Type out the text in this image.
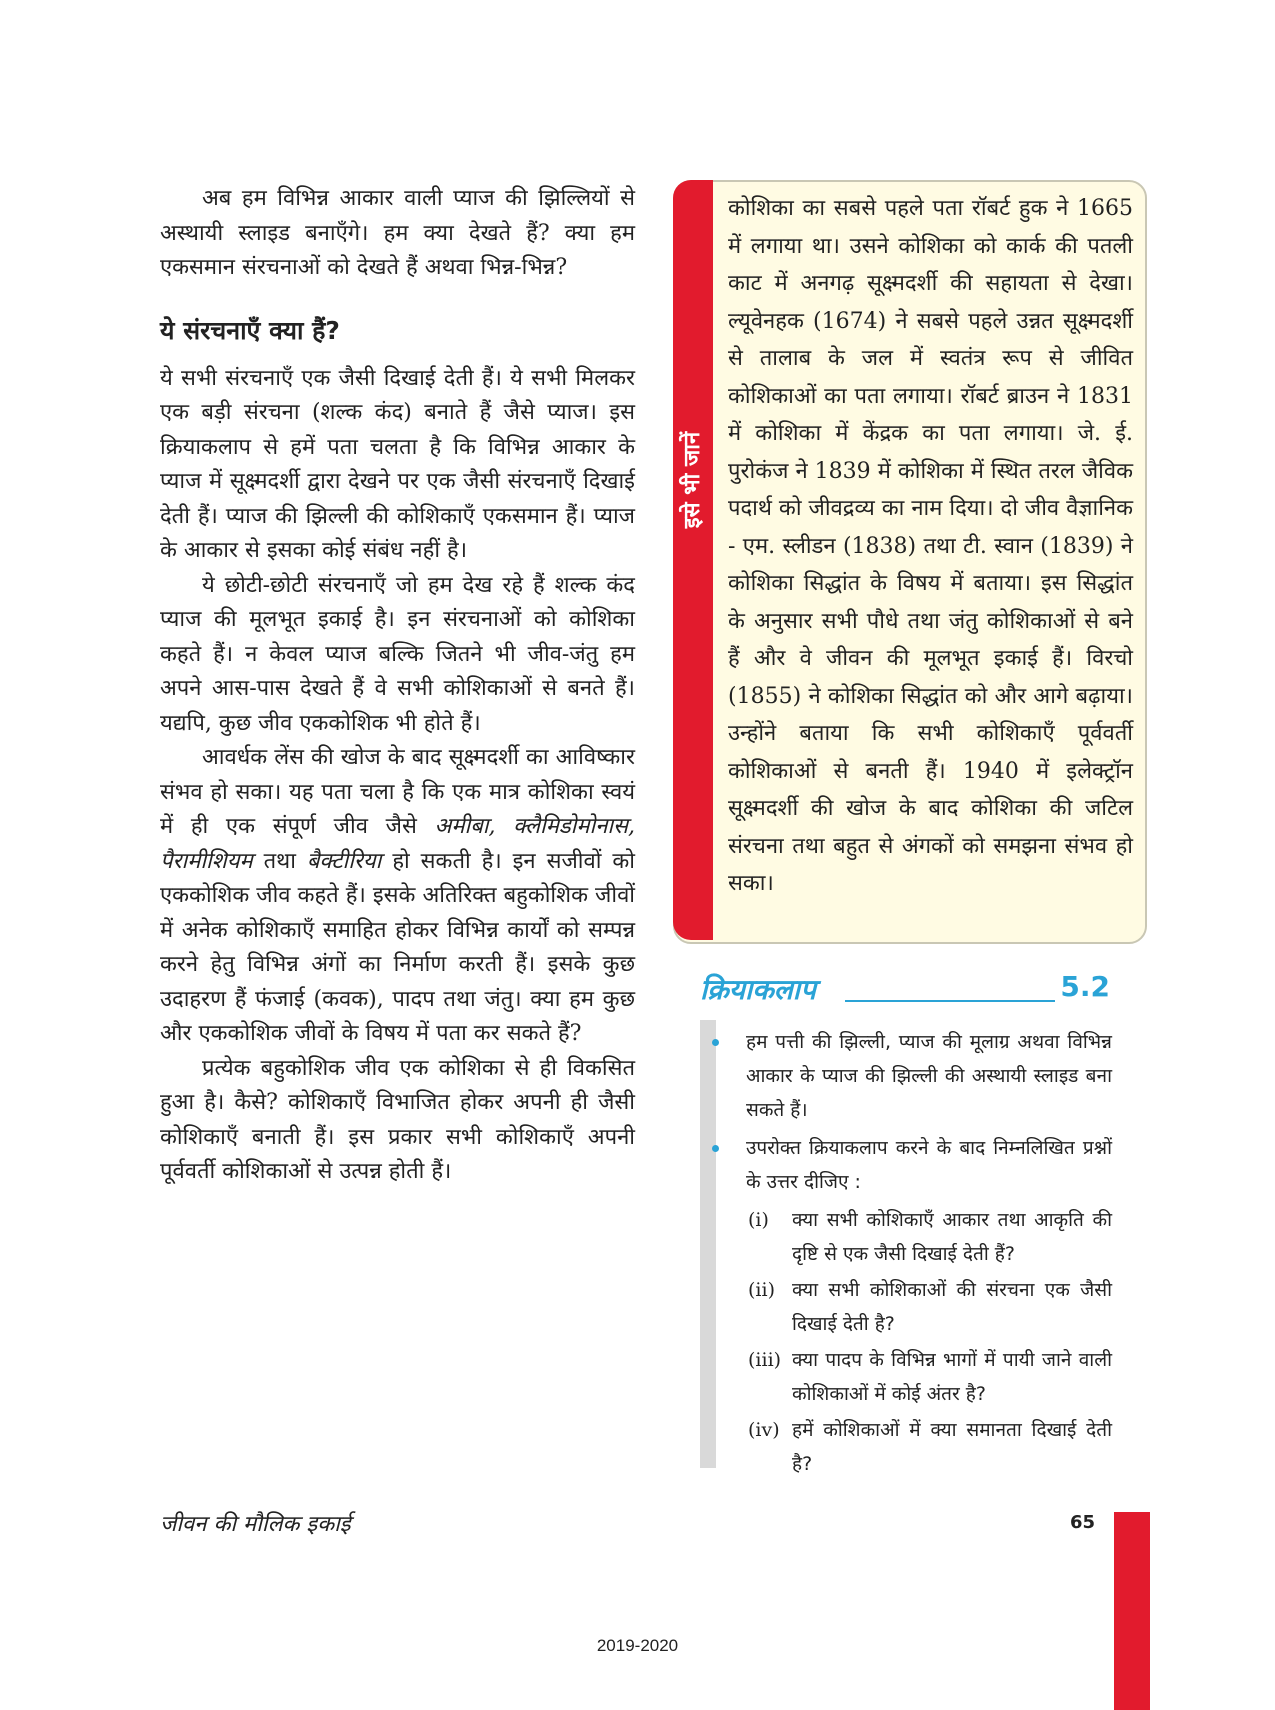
अब हम विभिन्न आकार वाली प्याज की झिल्लियों से अस्थायी स्लाइड बनाएँगे। हम क्या देखते हैं? क्या हम एकसमान संरचनाओं को देखते हैं अथवा भिन्न-भिन्न?

ये संरचनाएँ क्या हैं?

ये सभी संरचनाएँ एक जैसी दिखाई देती हैं। ये सभी मिलकर एक बड़ी संरचना (शल्क कंद) बनाते हैं जैसे प्याज। इस क्रियाकलाप से हमें पता चलता है कि विभिन्न आकार के प्याज में सूक्ष्मदर्शी द्वारा देखने पर एक जैसी संरचनाएँ दिखाई देती हैं। प्याज की झिल्ली की कोशिकाएँ एकसमान हैं। प्याज के आकार से इसका कोई संबंध नहीं है।

ये छोटी-छोटी संरचनाएँ जो हम देख रहे हैं शल्क कंद प्याज की मूलभूत इकाई है। इन संरचनाओं को कोशिका कहते हैं। न केवल प्याज बल्कि जितने भी जीव-जंतु हम अपने आस-पास देखते हैं वे सभी कोशिकाओं से बनते हैं। यद्यपि, कुछ जीव एककोशिक भी होते हैं।

आवर्धक लेंस की खोज के बाद सूक्ष्मदर्शी का आविष्कार संभव हो सका। यह पता चला है कि एक मात्र कोशिका स्वयं में ही एक संपूर्ण जीव जैसे अमीबा, क्लैमिडोमोनास, पैरामीशियम तथा बैक्टीरिया हो सकती है। इन सजीवों को एककोशिक जीव कहते हैं। इसके अतिरिक्त बहुकोशिक जीवों में अनेक कोशिकाएँ समाहित होकर विभिन्न कार्यों को सम्पन्न करने हेतु विभिन्न अंगों का निर्माण करती हैं। इसके कुछ उदाहरण हैं फंजाई (कवक), पादप तथा जंतु। क्या हम कुछ और एककोशिक जीवों के विषय में पता कर सकते हैं?

प्रत्येक बहुकोशिक जीव एक कोशिका से ही विकसित हुआ है। कैसे? कोशिकाएँ विभाजित होकर अपनी ही जैसी कोशिकाएँ बनाती हैं। इस प्रकार सभी कोशिकाएँ अपनी पूर्ववर्ती कोशिकाओं से उत्पन्न होती हैं।

कोशिका का सबसे पहले पता रॉबर्ट हुक ने 1665 में लगाया था। उसने कोशिका को कार्क की पतली काट में अनगढ़ सूक्ष्मदर्शी की सहायता से देखा। ल्यूवेनहक (1674) ने सबसे पहले उन्नत सूक्ष्मदर्शी से तालाब के जल में स्वतंत्र रूप से जीवित कोशिकाओं का पता लगाया। रॉबर्ट ब्राउन ने 1831 में कोशिका में केंद्रक का पता लगाया। जे. ई. पुरोकंज ने 1839 में कोशिका में स्थित तरल जैविक पदार्थ को जीवद्रव्य का नाम दिया। दो जीव वैज्ञानिक - एम. स्लीडन (1838) तथा टी. स्वान (1839) ने कोशिका सिद्धांत के विषय में बताया। इस सिद्धांत के अनुसार सभी पौधे तथा जंतु कोशिकाओं से बने हैं और वे जीवन की मूलभूत इकाई हैं। विरचो (1855) ने कोशिका सिद्धांत को और आगे बढ़ाया। उन्होंने बताया कि सभी कोशिकाएँ पूर्ववर्ती कोशिकाओं से बनती हैं। 1940 में इलेक्ट्रॉन सूक्ष्मदर्शी की खोज के बाद कोशिका की जटिल संरचना तथा बहुत से अंगकों को समझना संभव हो सका।
इसे भी जानें
क्रियाकलाप	5.2
हम पत्ती की झिल्ली, प्याज की मूलाग्र अथवा विभिन्न आकार के प्याज की झिल्ली की अस्थायी स्लाइड बना सकते हैं।
उपरोक्त क्रियाकलाप करने के बाद निम्नलिखित प्रश्नों के उत्तर दीजिए :
(i) क्या सभी कोशिकाएँ आकार तथा आकृति की दृष्टि से एक जैसी दिखाई देती हैं?
(ii) क्या सभी कोशिकाओं की संरचना एक जैसी दिखाई देती है?
(iii) क्या पादप के विभिन्न भागों में पायी जाने वाली कोशिकाओं में कोई अंतर है?
(iv) हमें कोशिकाओं में क्या समानता दिखाई देती है?
जीवन की मौलिक इकाई	65
2019-2020
